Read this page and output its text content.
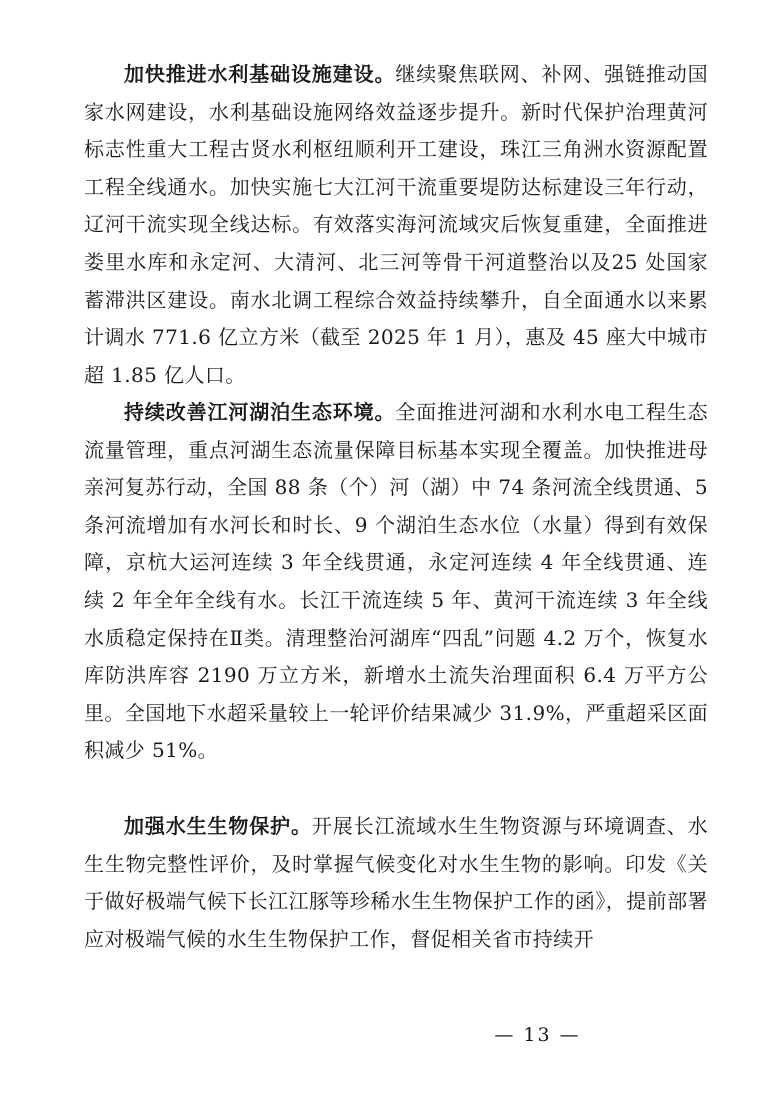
加快推进水利基础设施建设。继续聚焦联网、补网、强链推动国家水网建设，水利基础设施网络效益逐步提升。新时代保护治理黄河标志性重大工程古贤水利枢纽顺利开工建设，珠江三角洲水资源配置工程全线通水。加快实施七大江河干流重要堤防达标建设三年行动，辽河干流实现全线达标。有效落实海河流域灾后恢复重建，全面推进娄里水库和永定河、大清河、北三河等骨干河道整治以及25 处国家蓄滞洪区建设。南水北调工程综合效益持续攀升，自全面通水以来累计调水 771.6 亿立方米（截至 2025 年 1 月），惠及 45 座大中城市超 1.85 亿人口。

持续改善江河湖泊生态环境。全面推进河湖和水利水电工程生态流量管理，重点河湖生态流量保障目标基本实现全覆盖。加快推进母亲河复苏行动，全国 88 条（个）河（湖）中 74 条河流全线贯通、5 条河流增加有水河长和时长、9 个湖泊生态水位（水量）得到有效保障，京杭大运河连续 3 年全线贯通，永定河连续 4 年全线贯通、连续 2 年全年全线有水。长江干流连续 5 年、黄河干流连续 3 年全线水质稳定保持在Ⅱ类。清理整治河湖库“四乱”问题 4.2 万个，恢复水库防洪库容 2190 万立方米，新增水土流失治理面积 6.4 万平方公里。全国地下水超采量较上一轮评价结果减少 31.9%，严重超采区面积减少 51%。

加强水生生物保护。开展长江流域水生生物资源与环境调查、水生生物完整性评价，及时掌握气候变化对水生生物的影响。印发《关于做好极端气候下长江江豚等珍稀水生生物保护工作的函》，提前部署应对极端气候的水生生物保护工作，督促相关省市持续开

— 13 —
